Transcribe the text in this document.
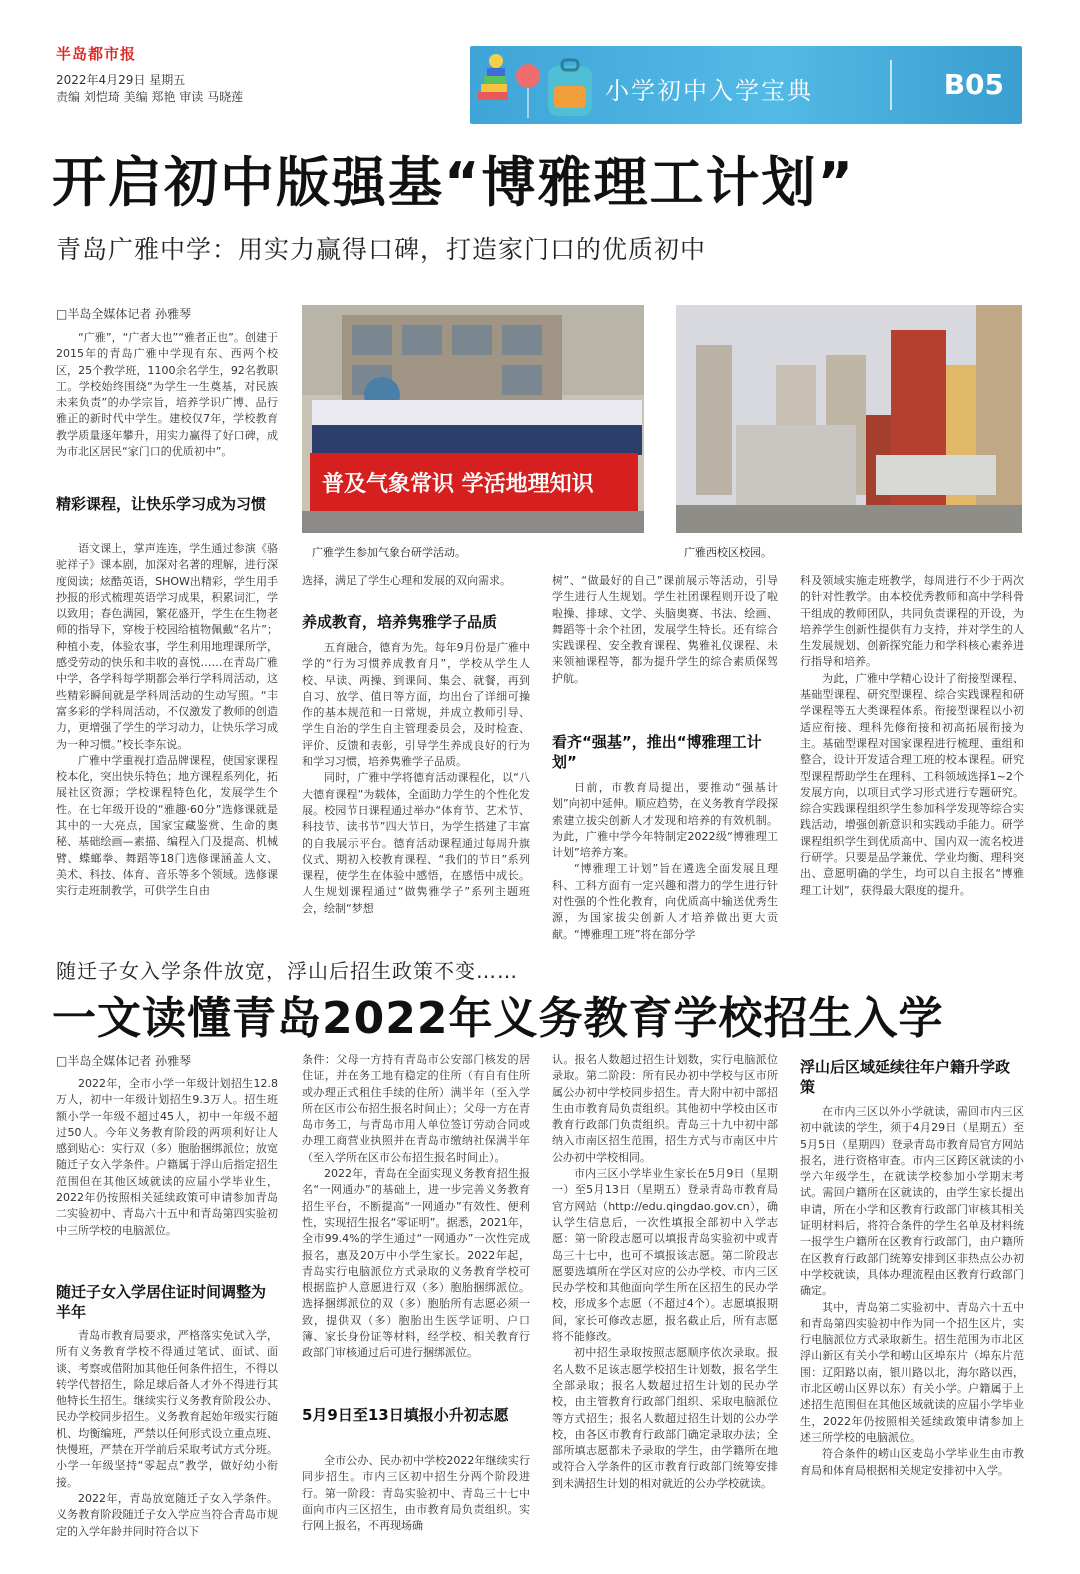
半岛都市报
2022年4月29日 星期五
责编 刘恺琦 美编 郑艳 审读 马晓莲	小学初中入学宝典	B05
开启初中版强基“博雅理工计划”
青岛广雅中学：用实力赢得口碑，打造家门口的优质初中
□半岛全媒体记者 孙雅琴

“广雅”，“广者大也”“雅者正也”。创建于2015年的青岛广雅中学现有东、西两个校区，25个教学班，1100余名学生，92名教职工。学校始终围绕“为学生一生奠基，对民族未来负责”的办学宗旨，培养学识广博、品行雅正的新时代中学生。建校仅7年，学校教育教学质量逐年攀升，用实力赢得了好口碑，成为市北区居民“家门口的优质初中”。

精彩课程，让快乐学习成为习惯

语文课上，掌声连连，学生通过参演《骆驼祥子》课本剧，加深对名著的理解，进行深度阅读；炫酷英语，SHOW出精彩，学生用手抄报的形式梳理英语学习成果，积累词汇，学以致用；春色满园，繁花盛开，学生在生物老师的指导下，穿梭于校园给植物佩戴“名片”；种植小麦，体验农事，学生利用地理课所学，感受劳动的快乐和丰收的喜悦……在青岛广雅中学，各学科每学期都会举行学科周活动，这些精彩瞬间就是学科周活动的生动写照。“丰富多彩的学科周活动，不仅激发了教师的创造力，更增强了学生的学习动力，让快乐学习成为一种习惯。”校长李东说。

广雅中学重视打造品牌课程，使国家课程校本化，突出快乐特色；地方课程系列化，拓展社区资源；学校课程特色化，发展学生个性。在七年级开设的“雅趣·60分”选修课就是其中的一大亮点，国家宝藏鉴赏、生命的奥秘、基础绘画—素描、编程入门及提高、机械臂、蝶螂拳、舞蹈等18门选修课涵盖人文、美术、科技、体育、音乐等多个领域。选修课实行走班制教学，可供学生自由

普及气象常识 学活地理知识
广雅学生参加气象台研学活动。	广雅西校区校园。

选择，满足了学生心理和发展的双向需求。

养成教育，培养隽雅学子品质

五育融合，德育为先。每年9月份是广雅中学的“行为习惯养成教育月”，学校从学生人校、早读、两操、到课间、集会、就餐，再到自习、放学、值日等方面，均出台了详细可操作的基本规范和一日常规，并成立教师引导、学生自治的学生自主管理委员会，及时检查、评价、反馈和表彰，引导学生养成良好的行为和学习习惯，培养隽雅学子品质。

同时，广雅中学将德育活动课程化，以“八大德育课程”为载体，全面助力学生的个性化发展。校园节日课程通过举办“体育节、艺术节、科技节、读书节”四大节日，为学生搭建了丰富的自我展示平台。德育活动课程通过每周升旗仪式、期初入校教育课程、“我们的节日”系列课程，使学生在体验中感悟，在感悟中成长。人生规划课程通过“做隽雅学子”系列主题班会，绘制“梦想

树”、“做最好的自己”课前展示等活动，引导学生进行人生规划。学生社团课程则开设了啦啦操、排球、文学、头脑奥赛、书法、绘画、舞蹈等十余个社团，发展学生特长。还有综合实践课程、安全教育课程、隽雅礼仪课程、未来领袖课程等，都为提升学生的综合素质保驾护航。

看齐“强基”，推出“博雅理工计划”

日前，市教育局提出，要推动“强基计划”向初中延伸。顺应趋势，在义务教育学段探索建立拔尖创新人才发现和培养的有效机制。为此，广雅中学今年特制定2022级“博雅理工计划”培养方案。

“博雅理工计划”旨在遴选全面发展且理科、工科方面有一定兴趣和潜力的学生进行针对性强的个性化教育，向优质高中输送优秀生源，为国家拔尖创新人才培养做出更大贡献。“博雅理工班”将在部分学

科及领域实施走班教学，每周进行不少于两次的针对性教学。由本校优秀教师和高中学科骨干组成的教师团队，共同负责课程的开设，为培养学生创新性提供有力支持，并对学生的人生发展规划、创新探究能力和学科核心素养进行指导和培养。

为此，广雅中学精心设计了衔接型课程、基础型课程、研究型课程、综合实践课程和研学课程等五大类课程体系。衔接型课程以小初适应衔接、理科先修衔接和初高拓展衔接为主。基础型课程对国家课程进行梳理、重组和整合，设计开发适合理工班的校本课程。研究型课程帮助学生在理科、工科领域选择1~2个发展方向，以项目式学习形式进行专题研究。综合实践课程组织学生参加科学发现等综合实践活动，增强创新意识和实践动手能力。研学课程组织学生到优质高中、国内双一流名校进行研学。只要是品学兼优、学业均衡、理科突出、意愿明确的学生，均可以自主报名“博雅理工计划”，获得最大限度的提升。

随迁子女入学条件放宽，浮山后招生政策不变……
一文读懂青岛2022年义务教育学校招生入学
□半岛全媒体记者 孙雅琴

2022年，全市小学一年级计划招生12.8万人，初中一年级计划招生9.3万人。招生班额小学一年级不超过45人，初中一年级不超过50人。今年义务教育阶段的两项利好让人感到贴心：实行双（多）胞胎捆绑派位；放宽随迁子女入学条件。户籍属于浮山后指定招生范围但在其他区域就读的应届小学毕业生，2022年仍按照相关延续政策可申请参加青岛二实验初中、青岛六十五中和青岛第四实验初中三所学校的电脑派位。

随迁子女入学居住证时间调整为半年

青岛市教育局要求，严格落实免试入学，所有义务教育学校不得通过笔试、面试、面谈、考察或借附加其他任何条件招生，不得以转学代替招生，除足球后备人才外不得进行其他特长生招生。继续实行义务教育阶段公办、民办学校同步招生。义务教育起始年级实行随机、均衡编班，严禁以任何形式设立重点班、快慢班，严禁在开学前后采取考试方式分班。小学一年级坚持“零起点”教学，做好幼小衔接。

2022年，青岛放宽随迁子女入学条件。义务教育阶段随迁子女入学应当符合青岛市规定的入学年龄并同时符合以下

条件：父母一方持有青岛市公安部门核发的居住证，并在务工地有稳定的住所（有自有住所或办理正式租住手续的住所）满半年（至入学所在区市公布招生报名时间止）；父母一方在青岛市务工，与青岛市用人单位签订劳动合同或办理工商营业执照并在青岛市缴纳社保满半年（至入学所在区市公布招生报名时间止）。

2022年，青岛在全面实现义务教育招生报名“一网通办”的基础上，进一步完善义务教育招生平台，不断提高“一网通办”有效性、便利性，实现招生报名“零证明”。据悉，2021年，全市99.4%的学生通过“一网通办”一次性完成报名，惠及20万中小学生家长。2022年起，青岛实行电脑派位方式录取的义务教育学校可根据监护人意愿进行双（多）胞胎捆绑派位。选择捆绑派位的双（多）胞胎所有志愿必须一致，提供双（多）胞胎出生医学证明、户口簿、家长身份证等材料，经学校、相关教育行政部门审核通过后可进行捆绑派位。

5月9日至13日填报小升初志愿

全市公办、民办初中学校2022年继续实行同步招生。市内三区初中招生分两个阶段进行。第一阶段：青岛实验初中、青岛三十七中面向市内三区招生，由市教育局负责组织。实行网上报名，不再现场确

认。报名人数超过招生计划数，实行电脑派位录取。第二阶段：所有民办初中学校与区市所属公办初中学校同步招生。青大附中初中部招生由市教育局负责组织。其他初中学校由区市教育行政部门负责组织。青岛三十九中初中部纳入市南区招生范围，招生方式与市南区中片公办初中学校相同。

市内三区小学毕业生家长在5月9日（星期一）至5月13日（星期五）登录青岛市教育局官方网站（http://edu.qingdao.gov.cn），确认学生信息后，一次性填报全部初中入学志愿：第一阶段志愿可以填报青岛实验初中或青岛三十七中，也可不填报该志愿。第二阶段志愿要选填所在学区对应的公办学校、市内三区民办学校和其他面向学生所在区招生的民办学校，形成多个志愿（不超过4个）。志愿填报期间，家长可修改志愿，报名截止后，所有志愿将不能修改。

初中招生录取按照志愿顺序依次录取。报名人数不足该志愿学校招生计划数，报名学生全部录取；报名人数超过招生计划的民办学校，由主管教育行政部门组织、采取电脑派位等方式招生；报名人数超过招生计划的公办学校，由各区市教育行政部门确定录取办法；全部所填志愿都未予录取的学生，由学籍所在地或符合入学条件的区市教育行政部门统筹安排到未满招生计划的相对就近的公办学校就读。

浮山后区域延续往年户籍升学政策

在市内三区以外小学就读，需回市内三区初中就读的学生，须于4月29日（星期五）至5月5日（星期四）登录青岛市教育局官方网站报名，进行资格审查。市内三区跨区就读的小学六年级学生，在就读学校参加小学期末考试。需回户籍所在区就读的，由学生家长提出申请，所在小学和区教育行政部门审核其相关证明材料后，将符合条件的学生名单及材料统一报学生户籍所在区教育行政部门，由户籍所在区教育行政部门统筹安排到区非热点公办初中学校就读，具体办理流程由区教育行政部门确定。

其中，青岛第二实验初中、青岛六十五中和青岛第四实验初中作为同一个招生区片，实行电脑派位方式录取新生。招生范围为市北区浮山新区有关小学和崂山区埠东片（埠东片范围：辽阳路以南，银川路以北，海尔路以西，市北区崂山区界以东）有关小学。户籍属于上述招生范围但在其他区域就读的应届小学毕业生，2022年仍按照相关延续政策申请参加上述三所学校的电脑派位。

符合条件的崂山区麦岛小学毕业生由市教育局和体育局根据相关规定安排初中入学。
